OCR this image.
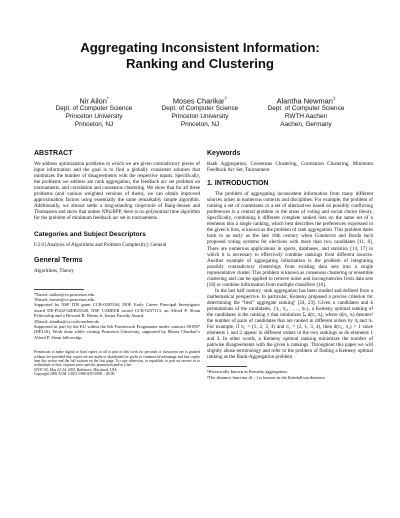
Aggregating Inconsistent Information:
Ranking and Clustering
Nir Ailon*
Dept. of Computer Science
Princeton University
Princeton, NJ
Moses Charikar†
Dept. of Computer Science
Princeton University
Princeton, NJ
Alantha Newman‡
Dept. of Computer Science
RWTH Aachen
Aachen, Germany
ABSTRACT

We address optimization problems in which we are given contradictory pieces of input information and the goal is to find a globally consistent solution that minimizes the number of disagreements with the respective inputs. Specifically, the problems we address are rank aggregation, the feedback arc set problem on tournaments, and correlation and consensus clustering. We show that for all these problems (and various weighted versions of them), we can obtain improved approximation factors using essentially the same remarkably simple algorithm. Additionally, we almost settle a long-standing conjecture of Bang-Jensen and Thomassen and show that unless NP⊆BPP, there is no polynomial time algorithm for the problem of minimum feedback arc set in tournaments.

Categories and Subject Descriptors

F.2.0 [Analysis of Algorithms and Problem Complexity]: General

General Terms

Algorithms, Theory

*Email: nailon@cs.princeton.edu.

†Email: moses@cs.princeton.edu.

Supported by NSF ITR grant CCR-0205594, DOE Early Career Principal Investigator award DE-FG02-02ER25540, NSF CAREER award CCR-0237113, an Alfred P. Sloan Fellowship and a Howard B. Wentz Jr. Junior Faculty Award.

‡Email: alantha@cs.rwth-aachen.de.

Supported in part by the EU within the 6th Framework Programme under contract 001907 (DELIS). Work done while visiting Princeton University, supported by Moses Charikar’s Alfred P. Sloan fellowship.

Permission to make digital or hard copies of all or part of this work for personal or classroom use is granted without fee provided that copies are not made or distributed for profit or commercial advantage and that copies bear this notice and the full citation on the first page. To copy otherwise, to republish, to post on servers or to redistribute to lists, requires prior specific permission and/or a fee.

STOC’05, May 22-24, 2005, Baltimore, Maryland, USA.

Copyright 2005 ACM 1-58113-960-8/05/0005 ...$5.00.

Keywords

Rank Aggregation, Consensus Clustering, Correlation Clustering, Minimum Feedback Arc Set, Tournament

1. INTRODUCTION

The problem of aggregating inconsistent information from many different sources arises in numerous contexts and disciplines. For example, the problem of ranking a set of contestants or a set of alternatives based on possibly conflicting preferences is a central problem in the areas of voting and social choice theory. Specifically, combining k different complete ranked lists on the same set of n elements into a single ranking, which best describes the preferences expressed in the given k lists, is known as the problem of rank aggregation. This problem dates back to as early as the late 18th century when Condorcet and Borda each proposed voting systems for elections with more than two candidates [11, 8]. There are numerous applications in sports, databases, and statistics [14, 17] in which it is necessary to effectively combine rankings from different sources. Another example of aggregating information is the problem of integrating possibly contradictory clusterings from existing data sets into a single representative cluster. This problem is known as consensus clustering or ensemble clustering and can be applied to remove noise and incongruencies from data sets [18] or combine information from multiple classifiers [10].

In the last half century, rank aggregation has been studied and defined from a mathematical perspective. In particular, Kemeny proposed a precise criterion for determining the “best” aggregate ranking¹ [24, 23]. Given n candidates and k permutations of the candidates, {π₁, π₂, . . . , πₖ}, a Kemeny optimal ranking of the candidates is the ranking π that minimizes Σᵢ d(π, πᵢ), where d(πⱼ, πₗ) denotes² the number of pairs of candidates that are ranked in different orders by πⱼ and πₗ. For example, if π₁ = (1, 2, 3, 4) and π₂ = (2, 1, 3, 4), then d(π₁, π₂) = 1 since elements 1 and 2 appear in different orders in the two rankings as do elements 1 and 3. In other words, a Kemeny optimal ranking minimizes the number of pairwise disagreements with the given k rankings. Throughout this paper we will slightly abuse terminology and refer to the problem of finding a Kemeny optimal ranking as the Rank-Aggregation problem.

¹Historically known as Kemeny aggregation.

²The distance function d(·,·) is known as the Kendall tau distance.
